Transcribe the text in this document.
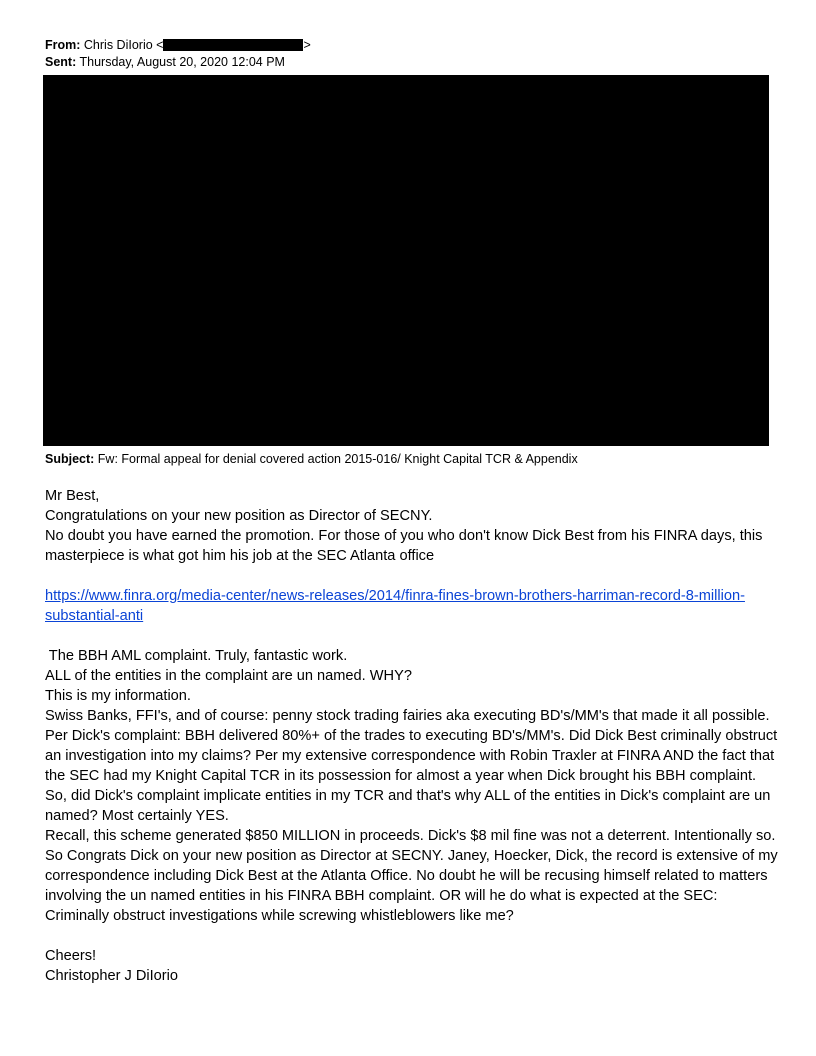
From: Chris DiIorio <	>
Sent: Thursday, August 20, 2020 12:04 PM
Subject: Fw: Formal appeal for denial covered action 2015-016/ Knight Capital TCR & Appendix

Mr Best,

Congratulations on your new position as Director of SECNY.

No doubt you have earned the promotion. For those of you who don't know Dick Best from his FINRA days, this masterpiece is what got him his job at the SEC Atlanta office

https://www.finra.org/media-center/news-releases/2014/finra-fines-brown-brothers-harriman-record-8-million-substantial-anti

The BBH AML complaint. Truly, fantastic work.

ALL of the entities in the complaint are un named. WHY?

This is my information.

Swiss Banks, FFI's, and of course: penny stock trading fairies aka executing BD's/MM's that made it all possible. Per Dick's complaint: BBH delivered 80%+ of the trades to executing BD's/MM's. Did Dick Best criminally obstruct an investigation into my claims? Per my extensive correspondence with Robin Traxler at FINRA AND the fact that the SEC had my Knight Capital TCR in its possession for almost a year when Dick brought his BBH complaint. So, did Dick's complaint implicate entities in my TCR and that's why ALL of the entities in Dick's complaint are un named? Most certainly YES.

Recall, this scheme generated $850 MILLION in proceeds. Dick's $8 mil fine was not a deterrent. Intentionally so.

So Congrats Dick on your new position as Director at SECNY. Janey, Hoecker, Dick, the record is extensive of my correspondence including Dick Best at the Atlanta Office. No doubt he will be recusing himself related to matters involving the un named entities in his FINRA BBH complaint. OR will he do what is expected at the SEC: Criminally obstruct investigations while screwing whistleblowers like me?

Cheers!

Christopher J DiIorio
